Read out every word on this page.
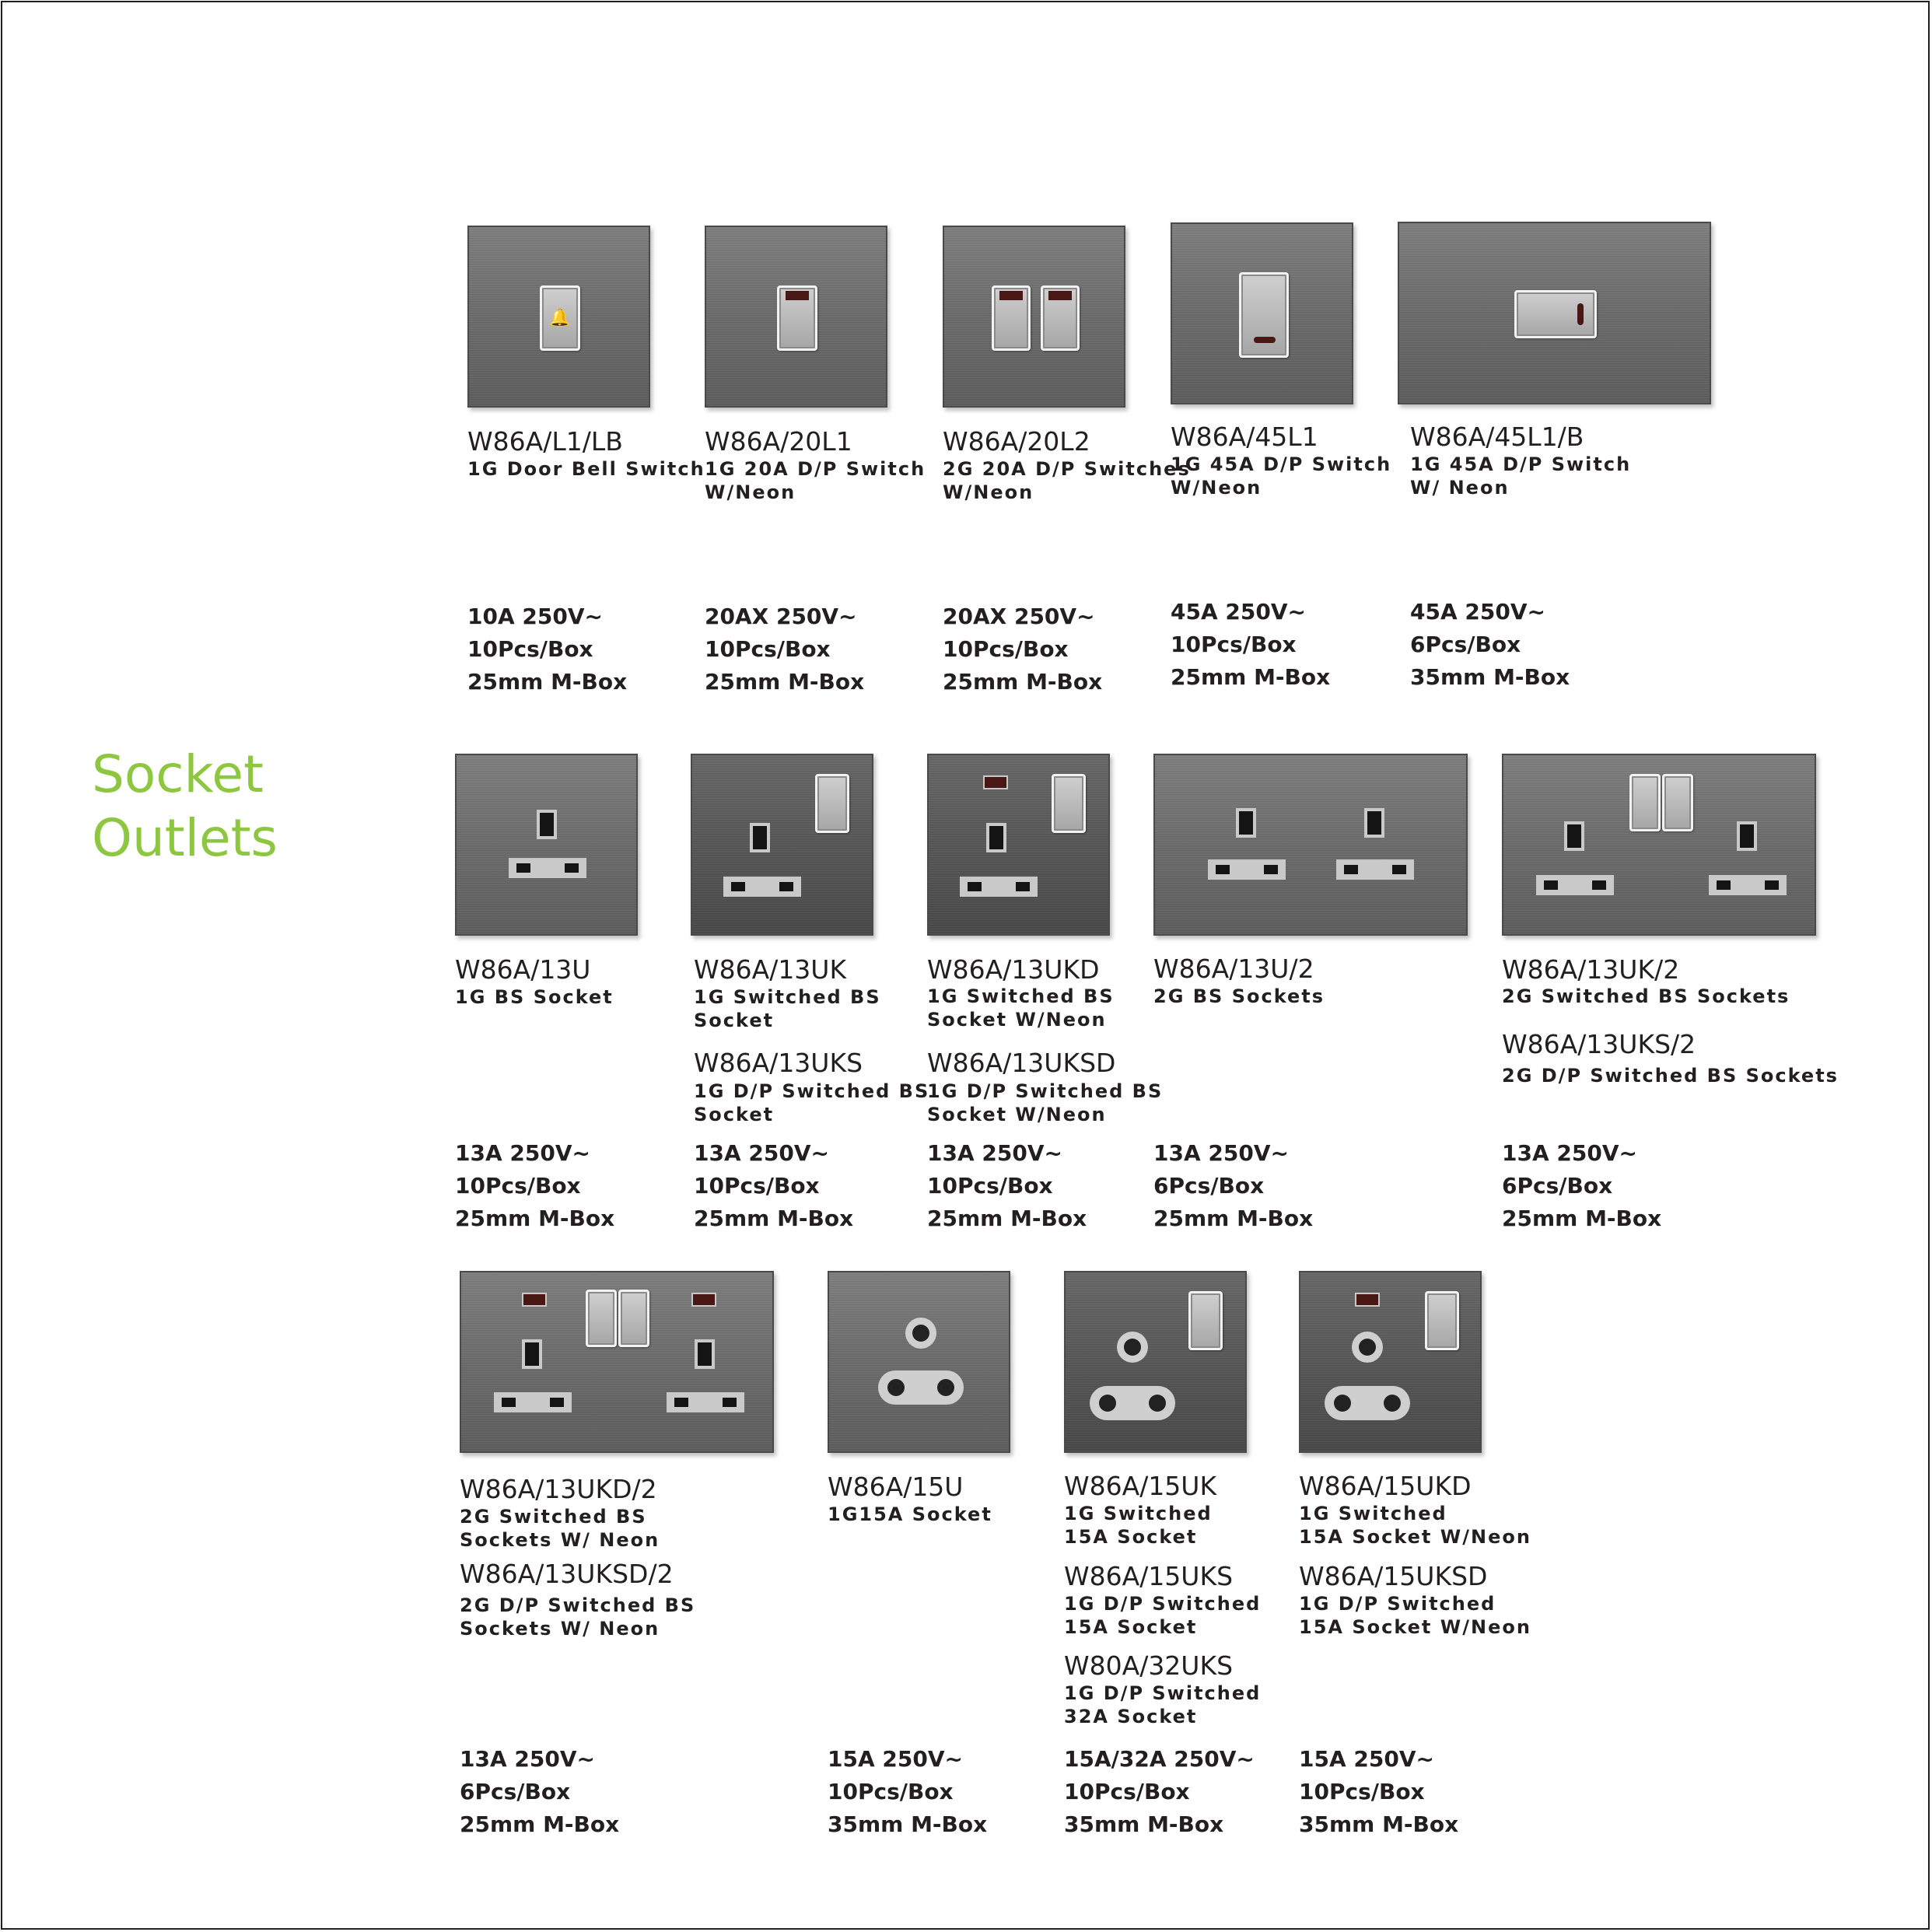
Socket
Outlets
🔔
W86A/L1/LB
1G Door Bell Switch
10A 250V~
10Pcs/Box
25mm M-Box
W86A/20L1
1G 20A D/P Switch
W/Neon
20AX 250V~
10Pcs/Box
25mm M-Box
W86A/20L2
2G 20A D/P Switches
W/Neon
20AX 250V~
10Pcs/Box
25mm M-Box
W86A/45L1
1G 45A D/P Switch
W/Neon
45A 250V~
10Pcs/Box
25mm M-Box
W86A/45L1/B
1G 45A D/P Switch
W/ Neon
45A 250V~
6Pcs/Box
35mm M-Box
W86A/13U
1G BS Socket
13A 250V~
10Pcs/Box
25mm M-Box
W86A/13UK
1G Switched BS
Socket
W86A/13UKS
1G D/P Switched BS
Socket
13A 250V~
10Pcs/Box
25mm M-Box
W86A/13UKD
1G Switched BS
Socket W/Neon
W86A/13UKSD
1G D/P Switched BS
Socket W/Neon
13A 250V~
10Pcs/Box
25mm M-Box
W86A/13U/2
2G BS Sockets
13A 250V~
6Pcs/Box
25mm M-Box
W86A/13UK/2
2G Switched BS Sockets
W86A/13UKS/2
2G D/P Switched BS Sockets
13A 250V~
6Pcs/Box
25mm M-Box
W86A/13UKD/2
2G Switched BS
Sockets W/ Neon
W86A/13UKSD/2
2G D/P Switched BS
Sockets W/ Neon
13A 250V~
6Pcs/Box
25mm M-Box
W86A/15U
1G15A Socket
15A 250V~
10Pcs/Box
35mm M-Box
W86A/15UK
1G Switched
15A Socket
W86A/15UKS
1G D/P Switched
15A Socket
W80A/32UKS
1G D/P Switched
32A Socket
15A/32A 250V~
10Pcs/Box
35mm M-Box
W86A/15UKD
1G Switched
15A Socket W/Neon
W86A/15UKSD
1G D/P Switched
15A Socket W/Neon
15A 250V~
10Pcs/Box
35mm M-Box
